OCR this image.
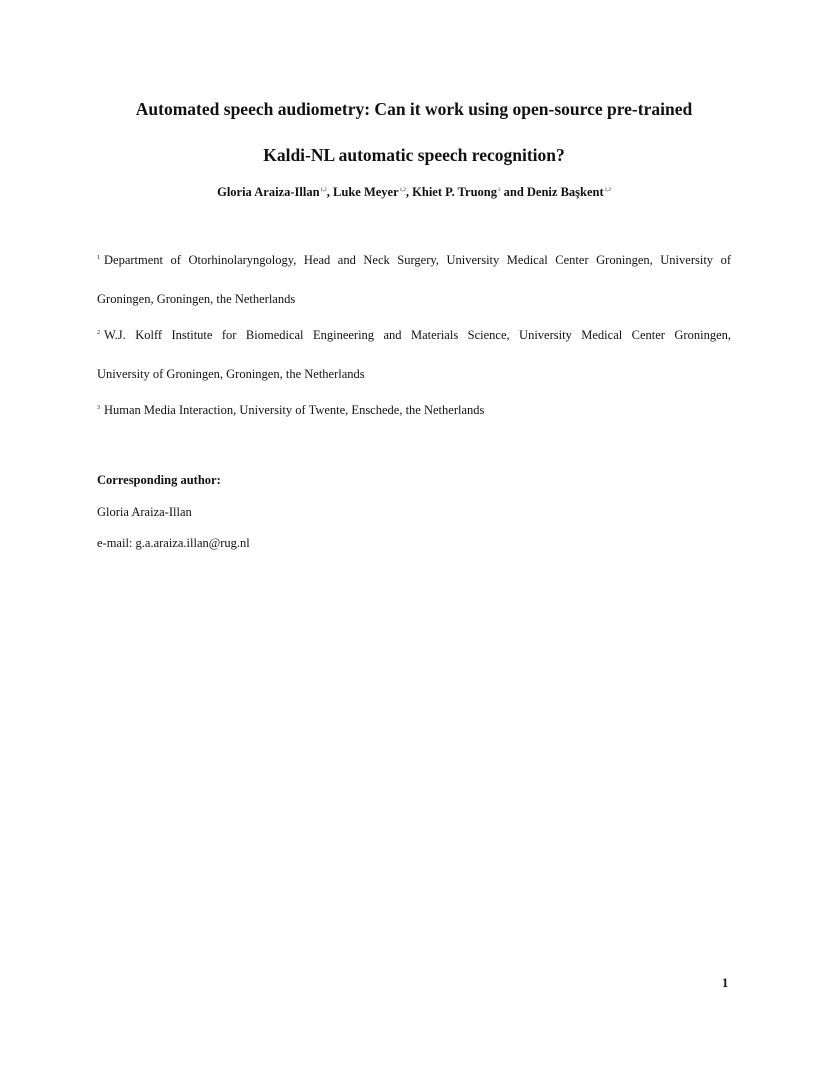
Automated speech audiometry: Can it work using open-source pre-trained
Kaldi-NL automatic speech recognition?
Gloria Araiza-Illan$^{1,2}$, Luke Meyer$^{1,2}$, Khiet P. Truong$^3$ and Deniz Başkent$^{1,2}$
$^1$ Department of Otorhinolaryngology, Head and Neck Surgery, University Medical Center Groningen, University of
Groningen, Groningen, the Netherlands
$^2$ W.J. Kolff Institute for Biomedical Engineering and Materials Science, University Medical Center Groningen,
University of Groningen, Groningen, the Netherlands
$^3$ Human Media Interaction, University of Twente, Enschede, the Netherlands
Corresponding author:
Gloria Araiza-Illan
e-mail: g.a.araiza.illan@rug.nl
1
